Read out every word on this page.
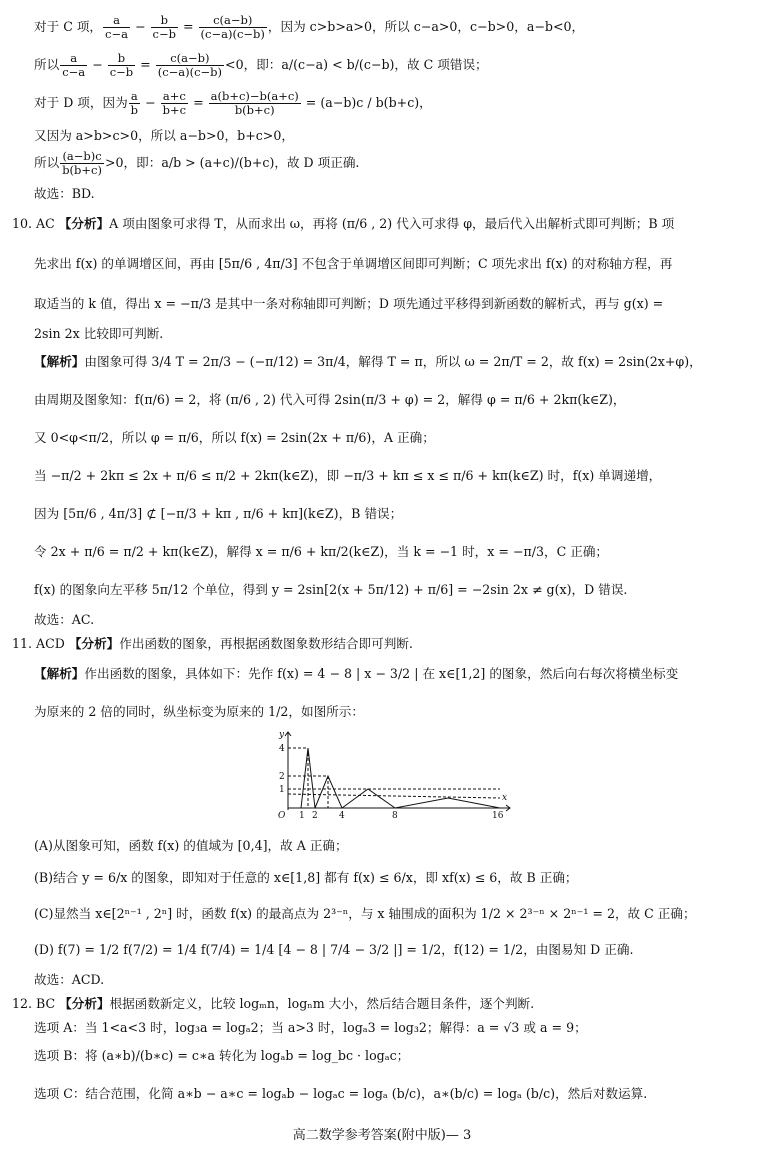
对于 C 项， $\frac{a}{c-a} - \frac{b}{c-b} = \frac{c(a-b)}{(c-a)(c-b)}$ ，因为 c>b>a>0，所以 c−a>0，c−b>0，a−b<0，
所以 $\frac{a}{c-a} - \frac{b}{c-b} = \frac{c(a-b)}{(c-a)(c-b)} <0$，即：a/(c−a) < b/(c−b)，故 C 项错误；
对于 D 项，因为 $\frac{a}{b} - \frac{a+c}{b+c} = \frac{a(b+c)-b(a+c)}{b(b+c)} = (a-b)c / b(b+c)$，
又因为 a>b>c>0，所以 a−b>0，b+c>0，
所以 $\frac{(a-b)c}{b(b+c)} >0$，即：a/b > (a+c)/(b+c)，故 D 项正确.
故选：BD.
10. AC 【分析】A 项由图象可求得 T，从而求出 ω，再将 (π/6 , 2) 代入可求得 φ，最后代入出解析式即可判断；B 项
先求出 f(x) 的单调增区间，再由 [5π/6 , 4π/3] 不包含于单调增区间即可判断；C 项先求出 f(x) 的对称轴方程，再
取适当的 k 值，得出 x = −π/3 是其中一条对称轴即可判断；D 项先通过平移得到新函数的解析式，再与 g(x) =
2sin 2x 比较即可判断.
【解析】由图象可得 3/4 T = 2π/3 − (−π/12) = 3π/4，解得 T = π，所以 ω = 2π/T = 2，故 f(x) = 2sin(2x+φ)，
由周期及图象知：f(π/6) = 2，将 (π/6 , 2) 代入可得 2sin(π/3 + φ) = 2，解得 φ = π/6 + 2kπ(k∈Z)，
又 0<φ<π/2，所以 φ = π/6，所以 f(x) = 2sin(2x + π/6)，A 正确；
当 −π/2 + 2kπ ≤ 2x + π/6 ≤ π/2 + 2kπ(k∈Z)，即 −π/3 + kπ ≤ x ≤ π/6 + kπ(k∈Z) 时，f(x) 单调递增，
因为 [5π/6 , 4π/3] ⊄ [−π/3 + kπ , π/6 + kπ](k∈Z)，B 错误；
令 2x + π/6 = π/2 + kπ(k∈Z)，解得 x = π/6 + kπ/2(k∈Z)，当 k = −1 时，x = −π/3，C 正确；
f(x) 的图象向左平移 5π/12 个单位，得到 y = 2sin[2(x + 5π/12) + π/6] = −2sin 2x ≠ g(x)，D 错误.
故选：AC.
11. ACD 【分析】作出函数的图象，再根据函数图象数形结合即可判断.
【解析】作出函数的图象，具体如下：先作 f(x) = 4 − 8 | x − 3/2 | 在 x∈[1,2] 的图象，然后向右每次将横坐标变
为原来的 2 倍的同时，纵坐标变为原来的 1/2，如图所示：
y
4
2
1
O 1 2 4	8	16
x
(A)从图象可知，函数 f(x) 的值域为 [0,4]，故 A 正确；
(B)结合 y = 6/x 的图象，即知对于任意的 x∈[1,8] 都有 f(x) ≤ 6/x，即 xf(x) ≤ 6，故 B 正确；
(C)显然当 x∈[2ⁿ⁻¹ , 2ⁿ] 时，函数 f(x) 的最高点为 2³⁻ⁿ，与 x 轴围成的面积为 1/2 × 2³⁻ⁿ × 2ⁿ⁻¹ = 2，故 C 正确；
(D) f(7) = 1/2 f(7/2) = 1/4 f(7/4) = 1/4 [4 − 8 | 7/4 − 3/2 |] = 1/2，f(12) = 1/2，由图易知 D 正确.
故选：ACD.
12. BC 【分析】根据函数新定义，比较 logₘn，logₙm 大小，然后结合题目条件，逐个判断.
选项 A：当 1<a<3 时，log₃a = logₐ2；当 a>3 时，logₐ3 = log₃2；解得：a = √3 或 a = 9；
选项 B：将 (a∗b)/(b∗c) = c∗a 转化为 logₐb = log_bc · logₐc；
选项 C：结合范围，化简 a∗b − a∗c = logₐb − logₐc = logₐ (b/c)，a∗(b/c) = logₐ (b/c)，然后对数运算.
高二数学参考答案(附中版)— 3
